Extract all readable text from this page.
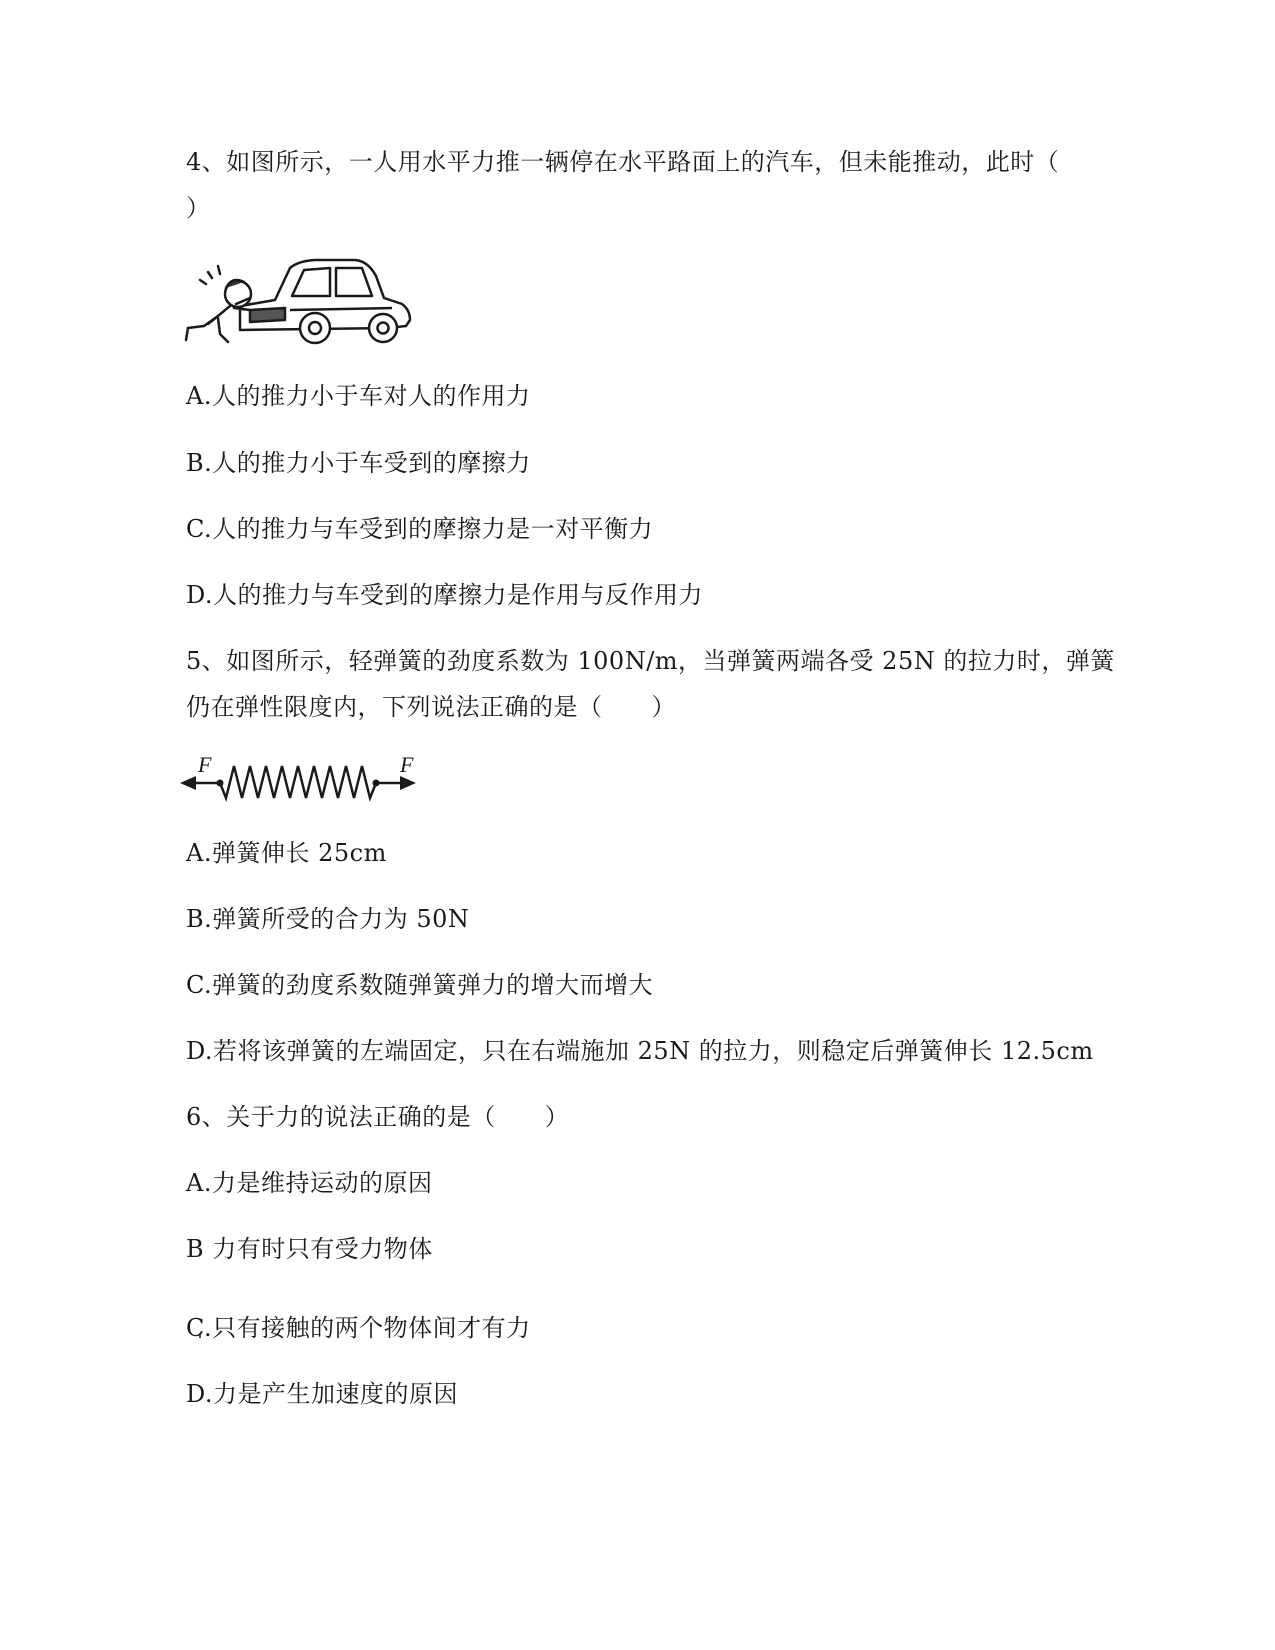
4、如图所示，一人用水平力推一辆停在水平路面上的汽车，但未能推动，此时（
）
A.人的推力小于车对人的作用力
B.人的推力小于车受到的摩擦力
C.人的推力与车受到的摩擦力是一对平衡力
D.人的推力与车受到的摩擦力是作用与反作用力
5、如图所示，轻弹簧的劲度系数为 100N/m，当弹簧两端各受 25N 的拉力时，弹簧
仍在弹性限度内，下列说法正确的是（　　）
F	F
A.弹簧伸长 25cm
B.弹簧所受的合力为 50N
C.弹簧的劲度系数随弹簧弹力的增大而增大
D.若将该弹簧的左端固定，只在右端施加 25N 的拉力，则稳定后弹簧伸长 12.5cm
6、关于力的说法正确的是（　　）
A.力是维持运动的原因
B 力有时只有受力物体
C.只有接触的两个物体间才有力
D.力是产生加速度的原因
